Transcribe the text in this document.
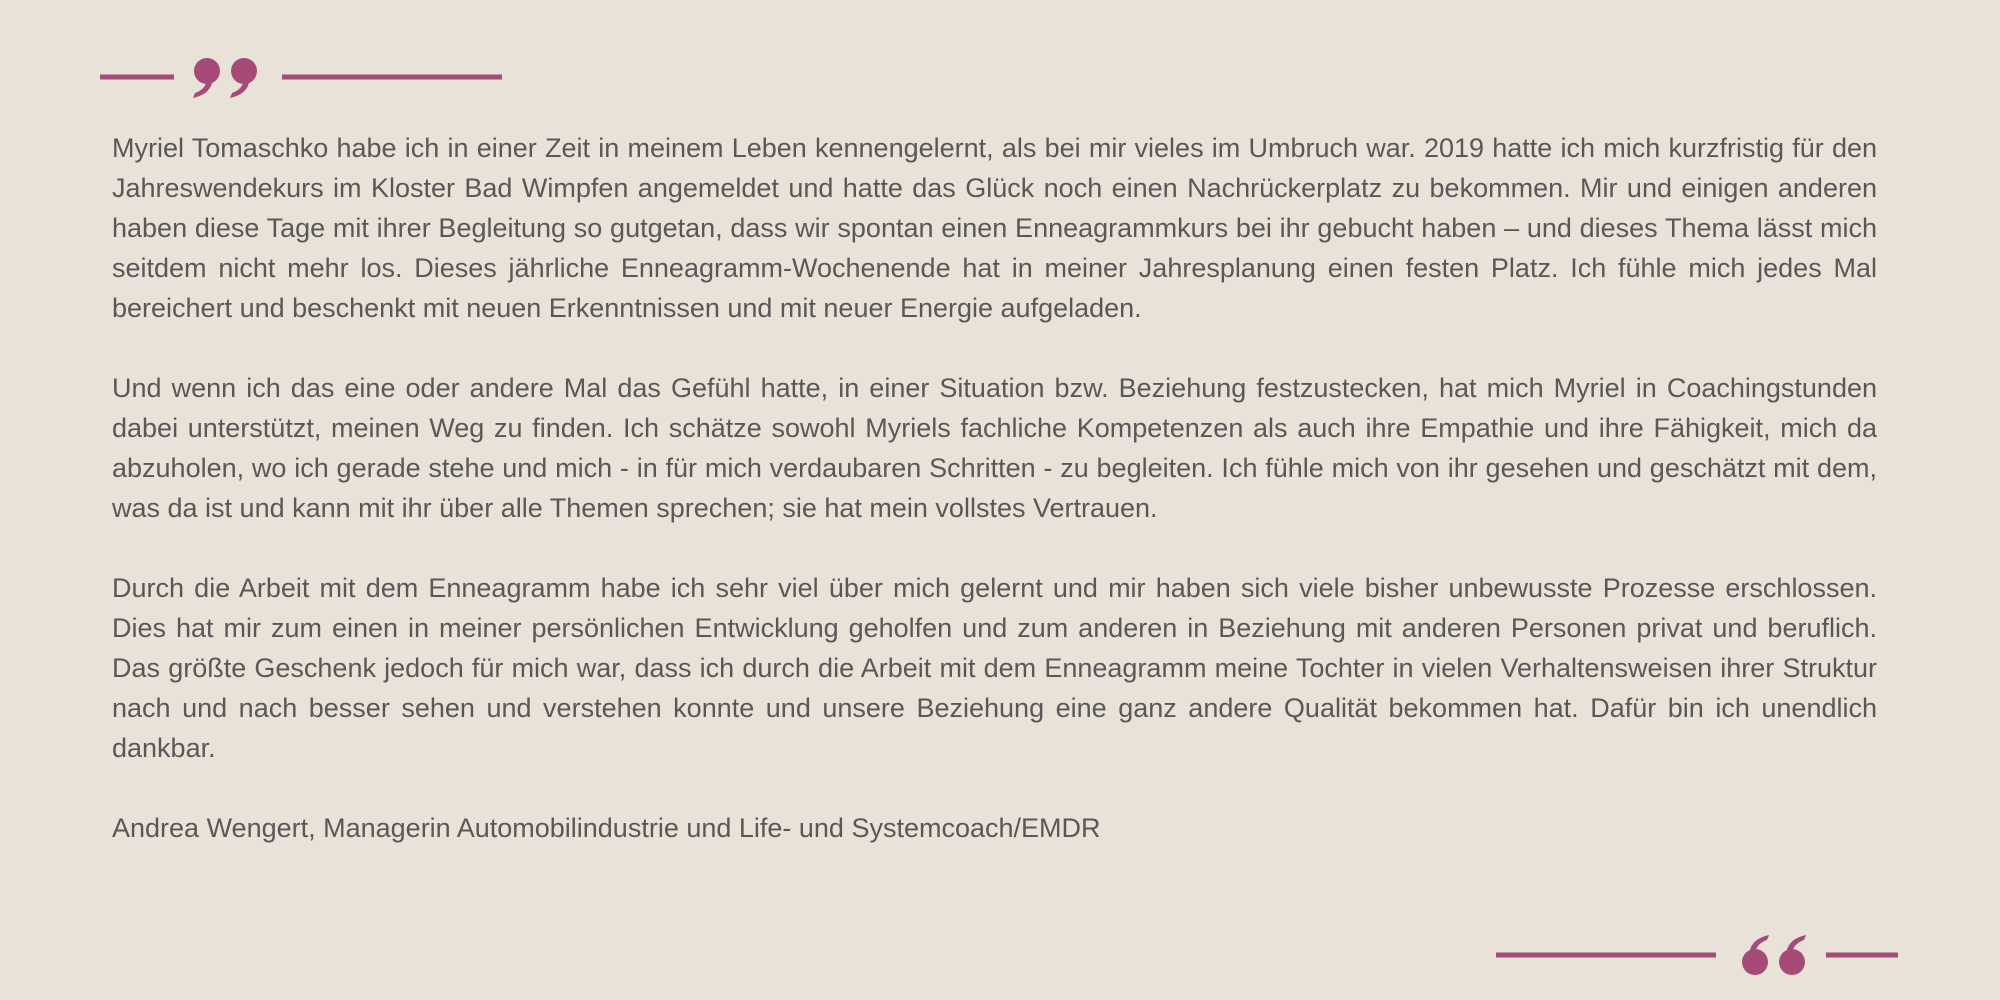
Myriel Tomaschko habe ich in einer Zeit in meinem Leben kennengelernt, als bei mir vieles im Umbruch war. 2019 hatte ich mich kurzfristig für den Jahreswendekurs im Kloster Bad Wimpfen angemeldet und hatte das Glück noch einen Nachrückerplatz zu bekommen. Mir und einigen anderen haben diese Tage mit ihrer Begleitung so gutgetan, dass wir spontan einen Enneagrammkurs bei ihr gebucht haben – und dieses Thema lässt mich seitdem nicht mehr los. Dieses jährliche Enneagramm-Wochenende hat in meiner Jahresplanung einen festen Platz. Ich fühle mich jedes Mal bereichert und beschenkt mit neuen Erkenntnissen und mit neuer Energie aufgeladen.

Und wenn ich das eine oder andere Mal das Gefühl hatte, in einer Situation bzw. Beziehung festzustecken, hat mich Myriel in Coachingstunden dabei unterstützt, meinen Weg zu finden. Ich schätze sowohl Myriels fachliche Kompetenzen als auch ihre Empathie und ihre Fähigkeit, mich da abzuholen, wo ich gerade stehe und mich - in für mich verdaubaren Schritten - zu begleiten. Ich fühle mich von ihr gesehen und geschätzt mit dem, was da ist und kann mit ihr über alle Themen sprechen; sie hat mein vollstes Vertrauen.

Durch die Arbeit mit dem Enneagramm habe ich sehr viel über mich gelernt und mir haben sich viele bisher unbewusste Prozesse erschlossen. Dies hat mir zum einen in meiner persönlichen Entwicklung geholfen und zum anderen in Beziehung mit anderen Personen privat und beruflich. Das größte Geschenk jedoch für mich war, dass ich durch die Arbeit mit dem Enneagramm meine Tochter in vielen Verhaltensweisen ihrer Struktur nach und nach besser sehen und verstehen konnte und unsere Beziehung eine ganz andere Qualität bekommen hat. Dafür bin ich unendlich dankbar.

Andrea Wengert, Managerin Automobilindustrie und Life- und Systemcoach/EMDR
